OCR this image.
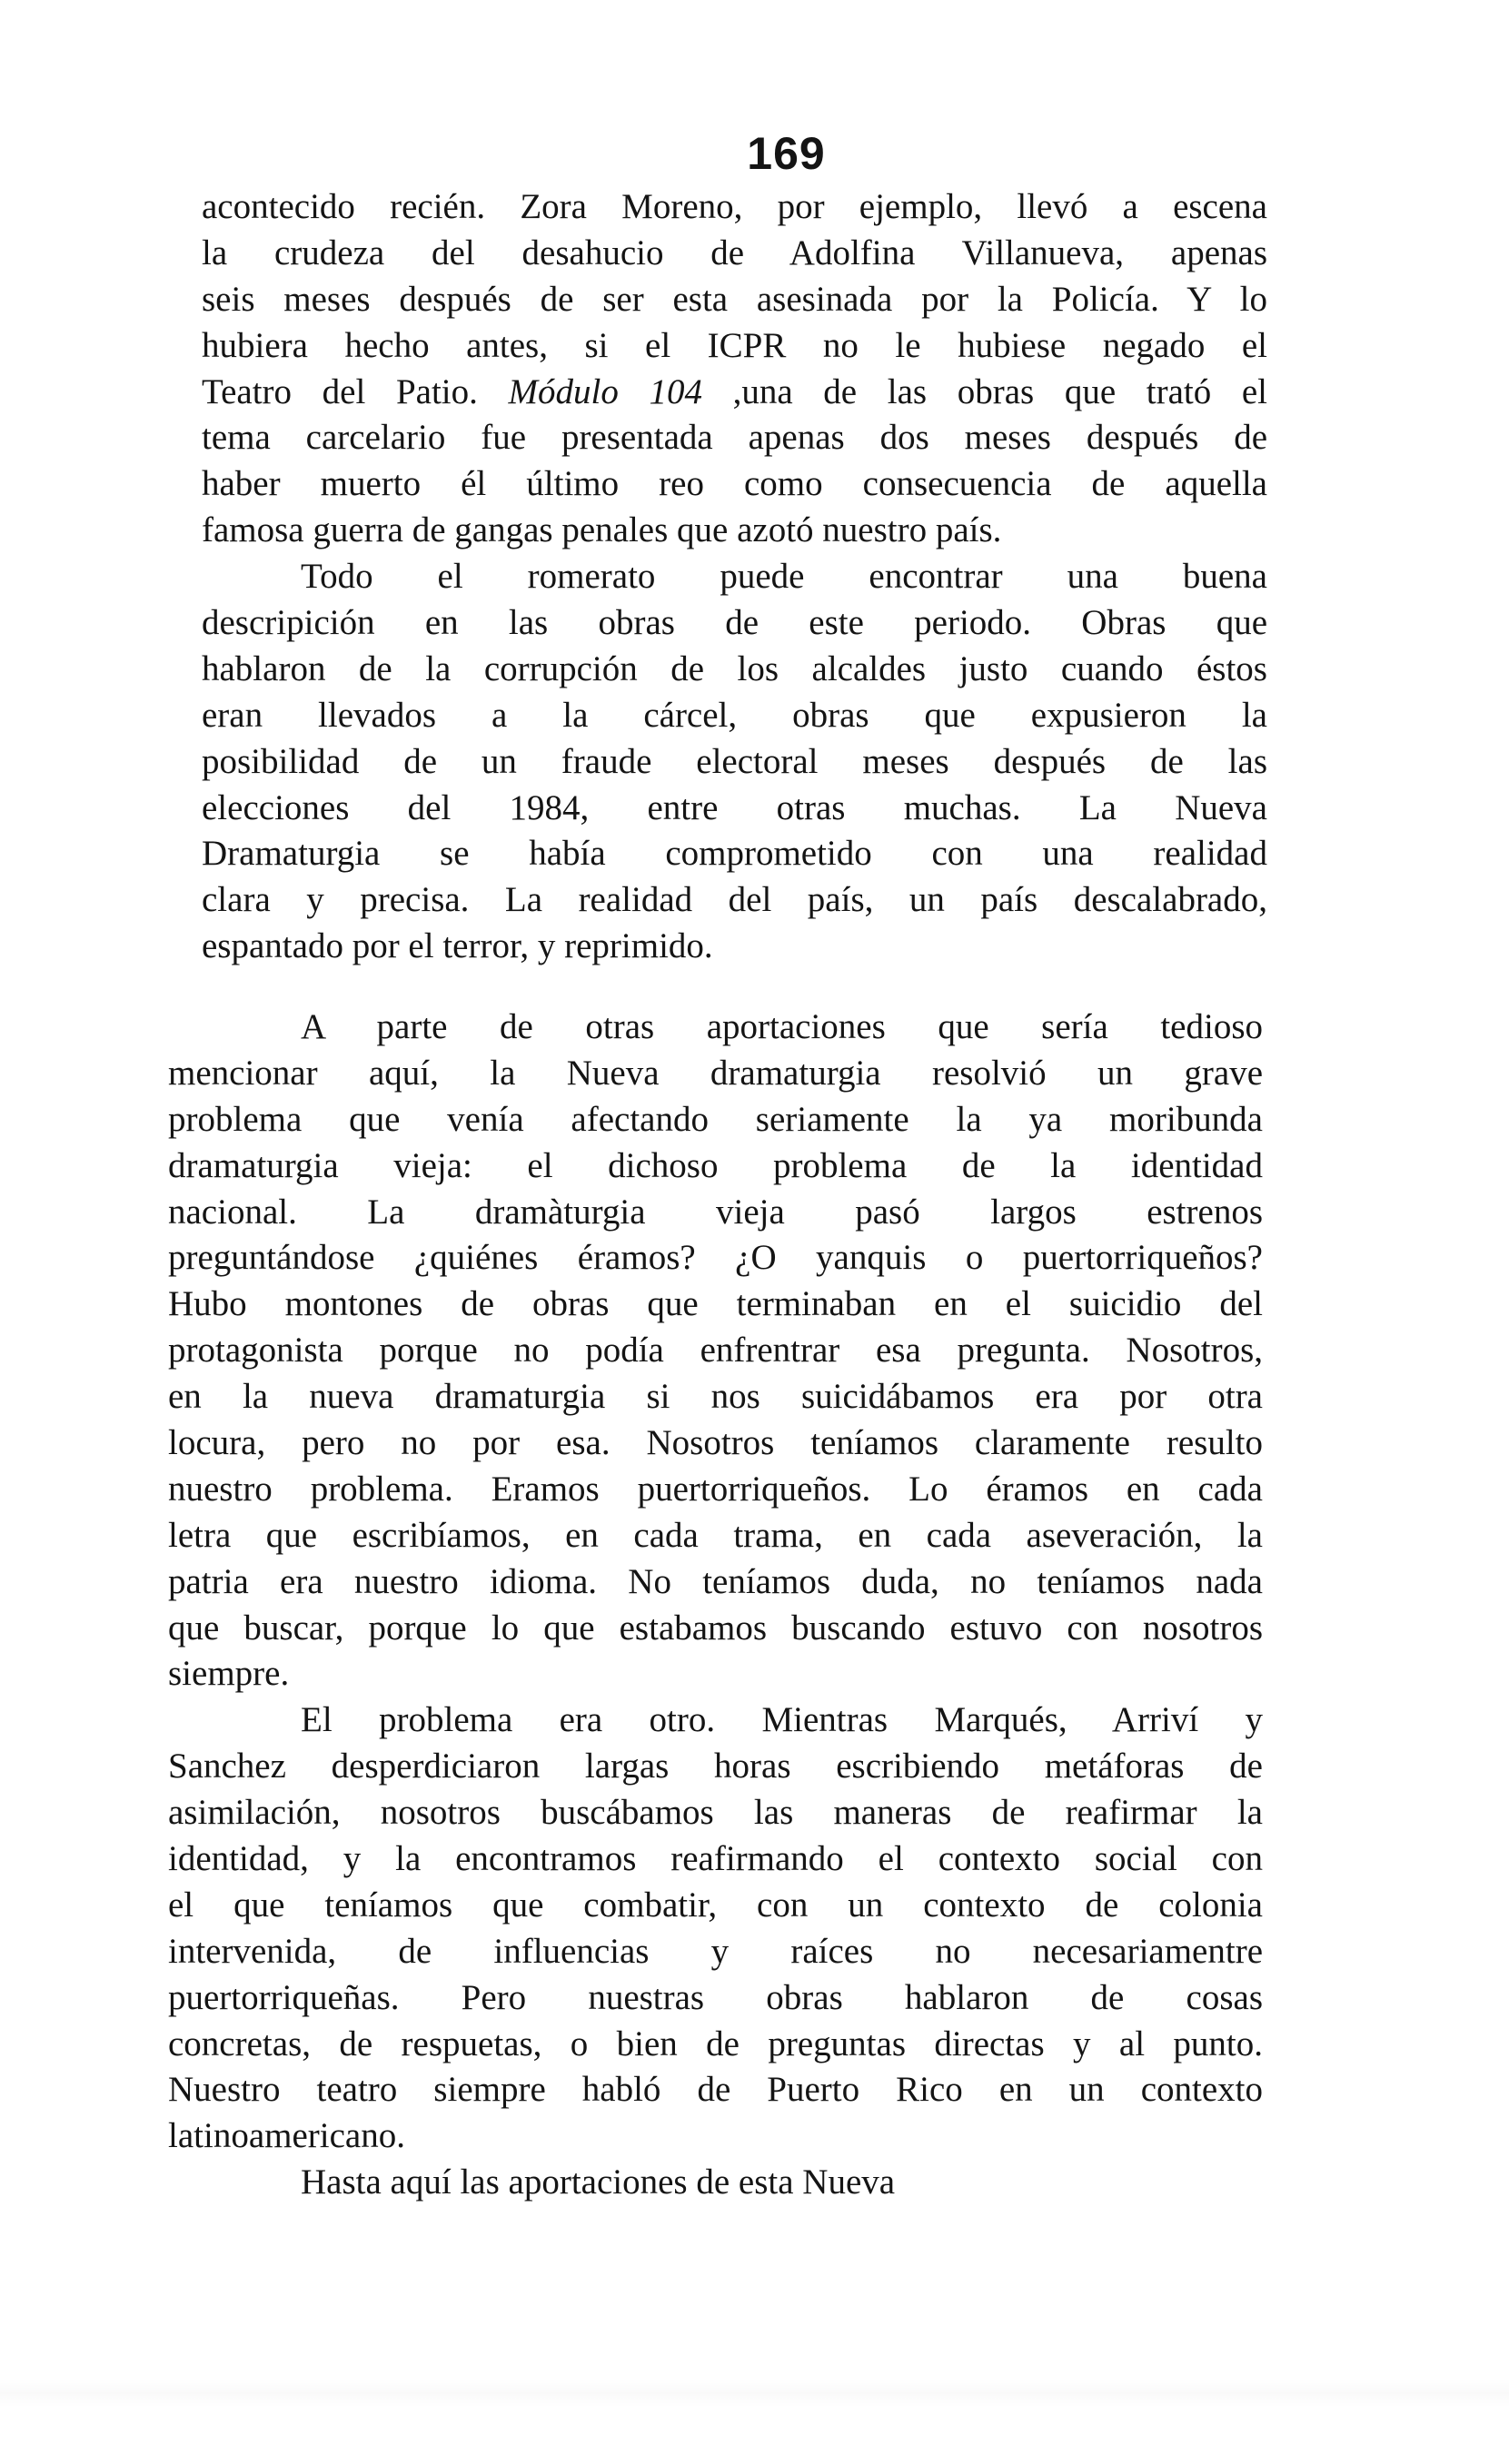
169
acontecido recién. Zora Moreno, por ejemplo, llevó a escena
la crudeza del desahucio de Adolfina Villanueva, apenas
seis meses después de ser esta asesinada por la Policía. Y lo
hubiera hecho antes, si el ICPR no le hubiese negado el
Teatro del Patio. Módulo 104 ,una de las obras que trató el
tema carcelario fue presentada apenas dos meses después de
haber muerto él último reo como consecuencia de aquella
famosa guerra de gangas penales que azotó nuestro país.
Todo el romerato puede encontrar una buena
descripición en las obras de este periodo. Obras que
hablaron de la corrupción de los alcaldes justo cuando éstos
eran llevados a la cárcel, obras que expusieron la
posibilidad de un fraude electoral meses después de las
elecciones del 1984, entre otras muchas. La Nueva
Dramaturgia se había comprometido con una realidad
clara y precisa. La realidad del país, un país descalabrado,
espantado por el terror, y reprimido.
A parte de otras aportaciones que sería tedioso
mencionar aquí, la Nueva dramaturgia resolvió un grave
problema que venía afectando seriamente la ya moribunda
dramaturgia vieja: el dichoso problema de la identidad
nacional. La dramàturgia vieja pasó largos estrenos
preguntándose ¿quiénes éramos? ¿O yanquis o puertorriqueños?
Hubo montones de obras que terminaban en el suicidio del
protagonista porque no podía enfrentrar esa pregunta. Nosotros,
en la nueva dramaturgia si nos suicidábamos era por otra
locura, pero no por esa. Nosotros teníamos claramente resulto
nuestro problema. Eramos puertorriqueños. Lo éramos en cada
letra que escribíamos, en cada trama, en cada aseveración, la
patria era nuestro idioma. No teníamos duda, no teníamos nada
que buscar, porque lo que estabamos buscando estuvo con nosotros
siempre.
El problema era otro. Mientras Marqués, Arriví y
Sanchez desperdiciaron largas horas escribiendo metáforas de
asimilación, nosotros buscábamos las maneras de reafirmar la
identidad, y la encontramos reafirmando el contexto social con
el que teníamos que combatir, con un contexto de colonia
intervenida, de influencias y raíces no necesariamentre
puertorriqueñas. Pero nuestras obras hablaron de cosas
concretas, de respuetas, o bien de preguntas directas y al punto.
Nuestro teatro siempre habló de Puerto Rico en un contexto
latinoamericano.
Hasta aquí las aportaciones de esta Nueva
